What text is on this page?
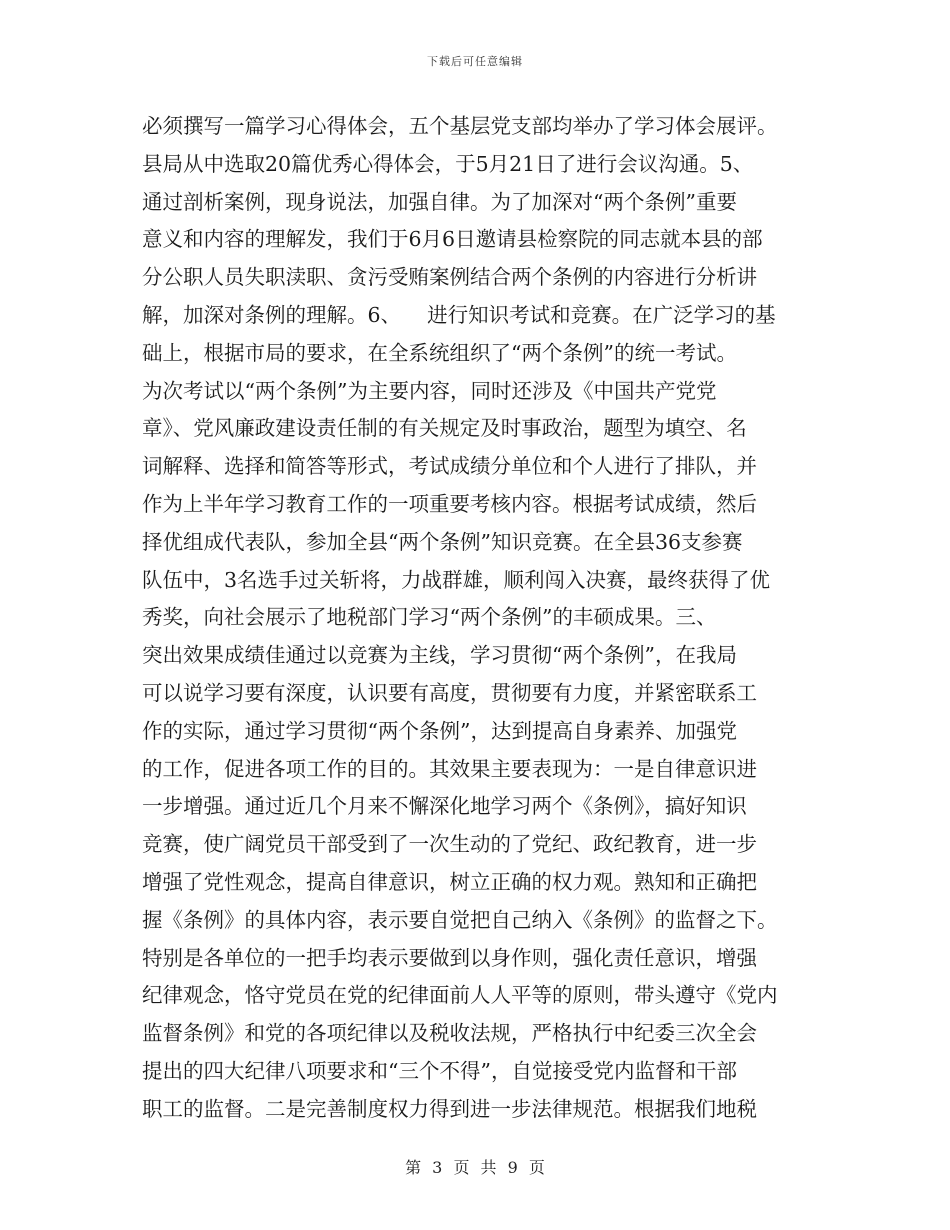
下载后可任意编辑
必须撰写一篇学习心得体会，五个基层党支部均举办了学习体会展评。
县局从中选取20篇优秀心得体会，于5月21日了进行会议沟通。5、
通过剖析案例，现身说法，加强自律。为了加深对“两个条例”重要
意义和内容的理解发，我们于6月6日邀请县检察院的同志就本县的部
分公职人员失职渎职、贪污受贿案例结合两个条例的内容进行分析讲
解，加深对条例的理解。6、    进行知识考试和竞赛。在广泛学习的基
础上，根据市局的要求，在全系统组织了“两个条例”的统一考试。
为次考试以“两个条例”为主要内容，同时还涉及《中国共产党党
章》、党风廉政建设责任制的有关规定及时事政治，题型为填空、名
词解释、选择和简答等形式，考试成绩分单位和个人进行了排队，并
作为上半年学习教育工作的一项重要考核内容。根据考试成绩，然后
择优组成代表队，参加全县“两个条例”知识竞赛。在全县36支参赛
队伍中，3名选手过关斩将，力战群雄，顺利闯入决赛，最终获得了优
秀奖，向社会展示了地税部门学习“两个条例”的丰硕成果。三、
突出效果成绩佳通过以竞赛为主线，学习贯彻“两个条例”，在我局
可以说学习要有深度，认识要有高度，贯彻要有力度，并紧密联系工
作的实际，通过学习贯彻“两个条例”，达到提高自身素养、加强党
的工作，促进各项工作的目的。其效果主要表现为：一是自律意识进
一步增强。通过近几个月来不懈深化地学习两个《条例》，搞好知识
竞赛，使广阔党员干部受到了一次生动的了党纪、政纪教育，进一步
增强了党性观念，提高自律意识，树立正确的权力观。熟知和正确把
握《条例》的具体内容，表示要自觉把自己纳入《条例》的监督之下。
特别是各单位的一把手均表示要做到以身作则，强化责任意识，增强
纪律观念，恪守党员在党的纪律面前人人平等的原则，带头遵守《党内
监督条例》和党的各项纪律以及税收法规，严格执行中纪委三次全会
提出的四大纪律八项要求和“三个不得”，自觉接受党内监督和干部
职工的监督。二是完善制度权力得到进一步法律规范。根据我们地税
第 3 页 共 9 页
